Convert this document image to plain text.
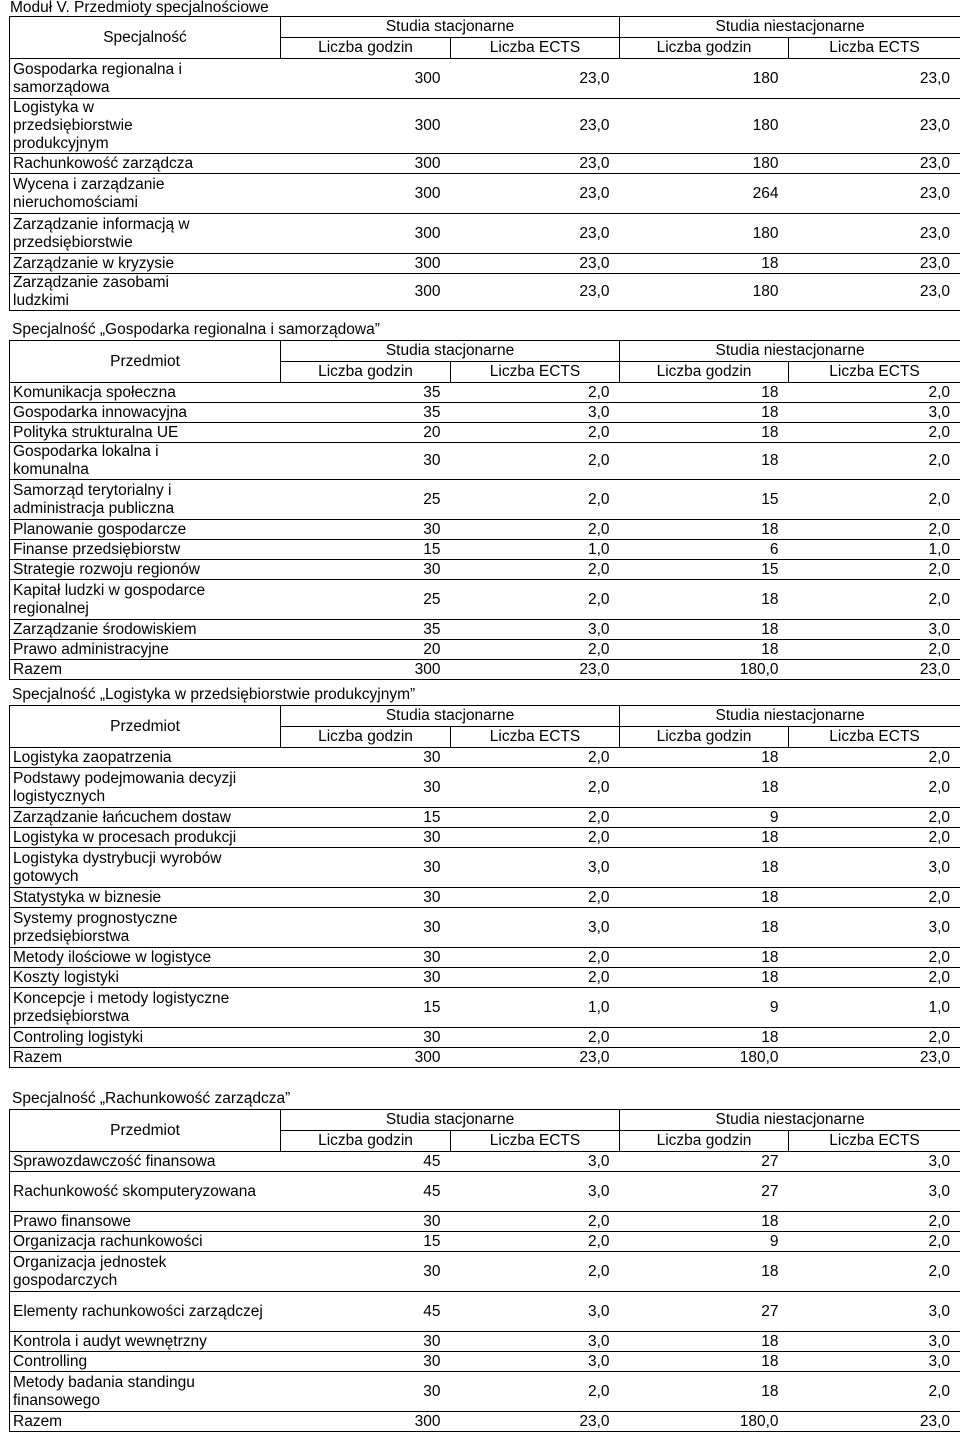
Moduł V. Przedmioty specjalnościowe
Specjalność	Studia stacjonarne		Studia niestacjonarne	
	Liczba godzin	Liczba ECTS	Liczba godzin	Liczba ECTS

Gospodarka regionalna i samorządowa	300	23,0	180	23,0

Logistyka w przedsiębiorstwie produkcyjnym	300	23,0	180	23,0

Rachunkowość zarządcza	300	23,0	180	23,0

Wycena i zarządzanie nieruchomościami	300	23,0	264	23,0

Zarządzanie informacją w przedsiębiorstwie	300	23,0	180	23,0

Zarządzanie w kryzysie	300	23,0	18	23,0

Zarządzanie zasobami ludzkimi	300	23,0	180	23,0
Specjalność „Gospodarka regionalna i samorządowa”
Przedmiot	Studia stacjonarne		Studia niestacjonarne	
	Liczba godzin	Liczba ECTS	Liczba godzin	Liczba ECTS

Komunikacja społeczna	35	2,0	18	2,0

Gospodarka innowacyjna	35	3,0	18	3,0

Polityka strukturalna UE	20	2,0	18	2,0

Gospodarka lokalna i komunalna	30	2,0	18	2,0

Samorząd terytorialny i administracja publiczna	25	2,0	15	2,0

Planowanie gospodarcze	30	2,0	18	2,0

Finanse przedsiębiorstw	15	1,0	6	1,0

Strategie rozwoju regionów	30	2,0	15	2,0

Kapitał ludzki w gospodarce regionalnej	25	2,0	18	2,0

Zarządzanie środowiskiem	35	3,0	18	3,0

Prawo administracyjne	20	2,0	18	2,0

Razem	300	23,0	180,0	23,0
Specjalność „Logistyka w przedsiębiorstwie produkcyjnym”
Przedmiot	Studia stacjonarne		Studia niestacjonarne	
	Liczba godzin	Liczba ECTS	Liczba godzin	Liczba ECTS

Logistyka zaopatrzenia	30	2,0	18	2,0

Podstawy podejmowania decyzji logistycznych	30	2,0	18	2,0

Zarządzanie łańcuchem dostaw	15	2,0	9	2,0

Logistyka w procesach produkcji	30	2,0	18	2,0

Logistyka dystrybucji wyrobów gotowych	30	3,0	18	3,0

Statystyka w biznesie	30	2,0	18	2,0

Systemy prognostyczne przedsiębiorstwa	30	3,0	18	3,0

Metody ilościowe w logistyce	30	2,0	18	2,0

Koszty logistyki	30	2,0	18	2,0

Koncepcje i metody logistyczne przedsiębiorstwa	15	1,0	9	1,0

Controling logistyki	30	2,0	18	2,0

Razem	300	23,0	180,0	23,0
Specjalność „Rachunkowość zarządcza”
Przedmiot	Studia stacjonarne		Studia niestacjonarne	
	Liczba godzin	Liczba ECTS	Liczba godzin	Liczba ECTS

Sprawozdawczość finansowa	45	3,0	27	3,0

Rachunkowość skomputeryzowana	45	3,0	27	3,0

Prawo finansowe	30	2,0	18	2,0

Organizacja rachunkowości	15	2,0	9	2,0

Organizacja jednostek gospodarczych	30	2,0	18	2,0

Elementy rachunkowości zarządczej	45	3,0	27	3,0

Kontrola i audyt wewnętrzny	30	3,0	18	3,0

Controlling	30	3,0	18	3,0

Metody badania standingu finansowego	30	2,0	18	2,0

Razem	300	23,0	180,0	23,0
